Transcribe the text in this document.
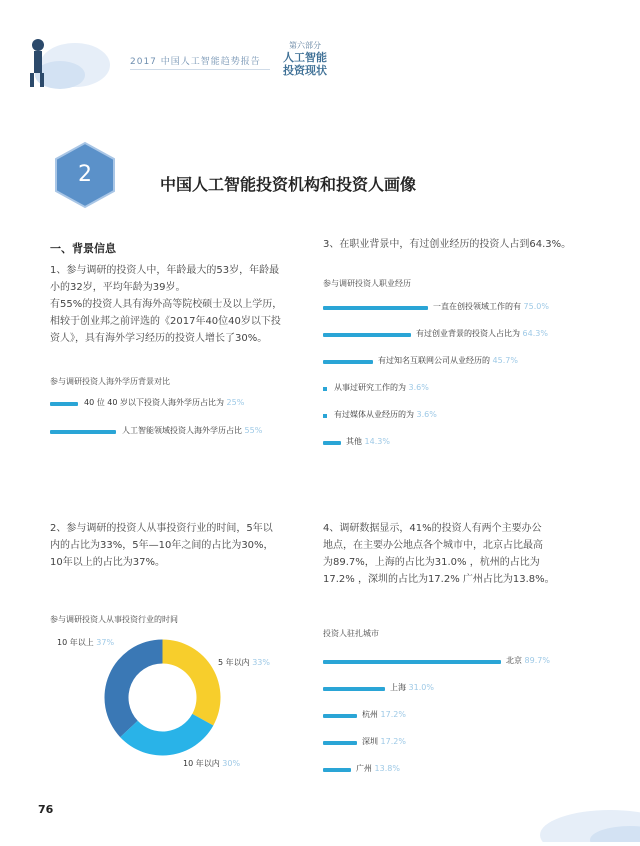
2017 中国人工智能趋势报告
第六部分
人工智能
投资现状
2	中国人工智能投资机构和投资人画像
一、背景信息
1、参与调研的投资人中，年龄最大的53岁，年龄最
小的32岁，平均年龄为39岁。
有55%的投资人具有海外高等院校硕士及以上学历，
相较于创业邦之前评选的《2017年40位40岁以下投
资人》，具有海外学习经历的投资人增长了30%。
参与调研投资人海外学历背景对比
40 位 40 岁以下投资人海外学历占比为 25%
人工智能领域投资人海外学历占比 55%
3、在职业背景中，有过创业经历的投资人占到64.3%。
参与调研投资人职业经历
一直在创投领域工作的有 75.0%
有过创业背景的投资人占比为 64.3%
有过知名互联网公司从业经历的 45.7%
从事过研究工作的为 3.6%
有过媒体从业经历的为 3.6%
其他 14.3%
2、参与调研的投资人从事投资行业的时间，5年以
内的占比为33%，5年—10年之间的占比为30%，
10年以上的占比为37%。
参与调研投资人从事投资行业的时间
10 年以上 37%
5 年以内 33%
10 年以内 30%
4、调研数据显示，41%的投资人有两个主要办公
地点，在主要办公地点各个城市中，北京占比最高
为89.7%，上海的占比为31.0% ，杭州的占比为
17.2% ，深圳的占比为17.2% 广州占比为13.8%。
投资人驻扎城市
北京 89.7%
上海 31.0%
杭州 17.2%
深圳 17.2%
广州 13.8%
76
